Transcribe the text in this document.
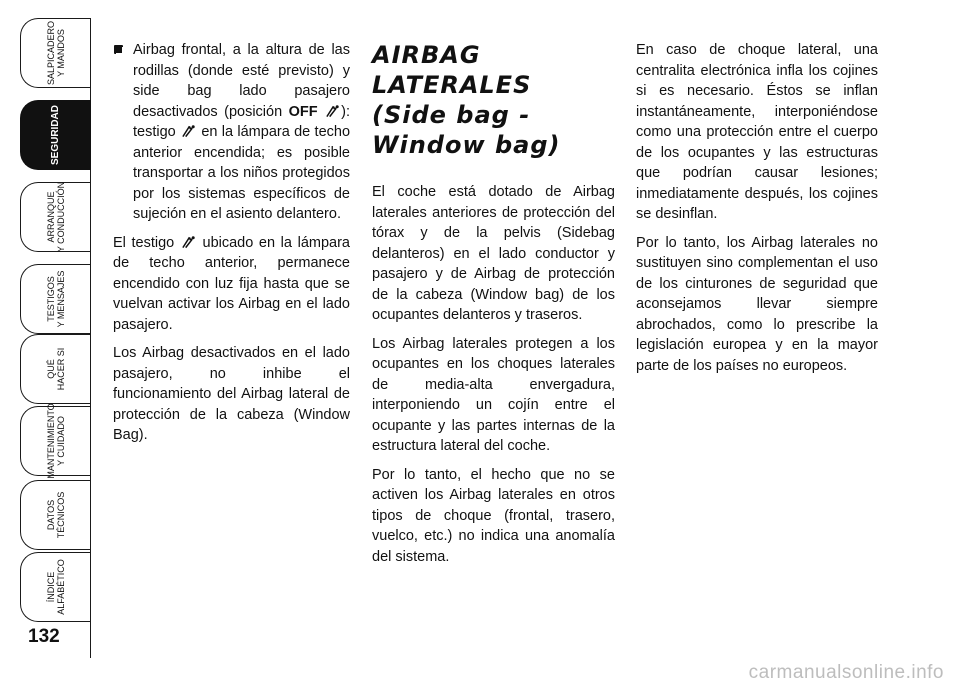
SALPICADERO
Y MANDOS
SEGURIDAD
ARRANQUE
Y CONDUCCIÓN
TESTIGOS
Y MENSAJES
QUÉ
HACER SI
MANTENIMIENTO
Y CUIDADO
DATOS
TÉCNICOS
ÍNDICE
ALFABÉTICO
132
Airbag frontal, a la altura de las rodillas (donde esté previsto) y side bag lado pasajero desactivados (posición OFF ): testigo  en la lámpara de techo anterior encendida; es posible transportar a los niños protegidos por los sistemas específicos de sujeción en el asiento delantero.

El testigo  ubicado en la lámpara de techo anterior, permanece encendido con luz fija hasta que se vuelvan activar los Airbag en el lado pasajero.

Los Airbag desactivados en el lado pasajero, no inhibe el funcionamiento del Airbag lateral de protección de la cabeza (Window Bag).

AIRBAG LATERALES
(Side bag -
Window bag)

El coche está dotado de Airbag laterales anteriores de protección del tórax y de la pelvis (Sidebag delanteros) en el lado conductor y pasajero y de Airbag de protección de la cabeza (Window bag) de los ocupantes delanteros y traseros.

Los Airbag laterales protegen a los ocupantes en los choques laterales de media-alta envergadura, interponiendo un cojín entre el ocupante y las partes internas de la estructura lateral del coche.

Por lo tanto, el hecho que no se activen los Airbag laterales en otros tipos de choque (frontal, trasero, vuelco, etc.) no indica una anomalía del sistema.

En caso de choque lateral, una centralita electrónica infla los cojines si es necesario. Éstos se inflan instantáneamente, interponiéndose como una protección entre el cuerpo de los ocupantes y las estructuras que podrían causar lesiones; inmediatamente después, los cojines se desinflan.

Por lo tanto, los Airbag laterales no sustituyen sino complementan el uso de los cinturones de seguridad que aconsejamos llevar siempre abrochados, como lo prescribe la legislación europea y en la mayor parte de los países no europeos.

carmanualsonline.info
